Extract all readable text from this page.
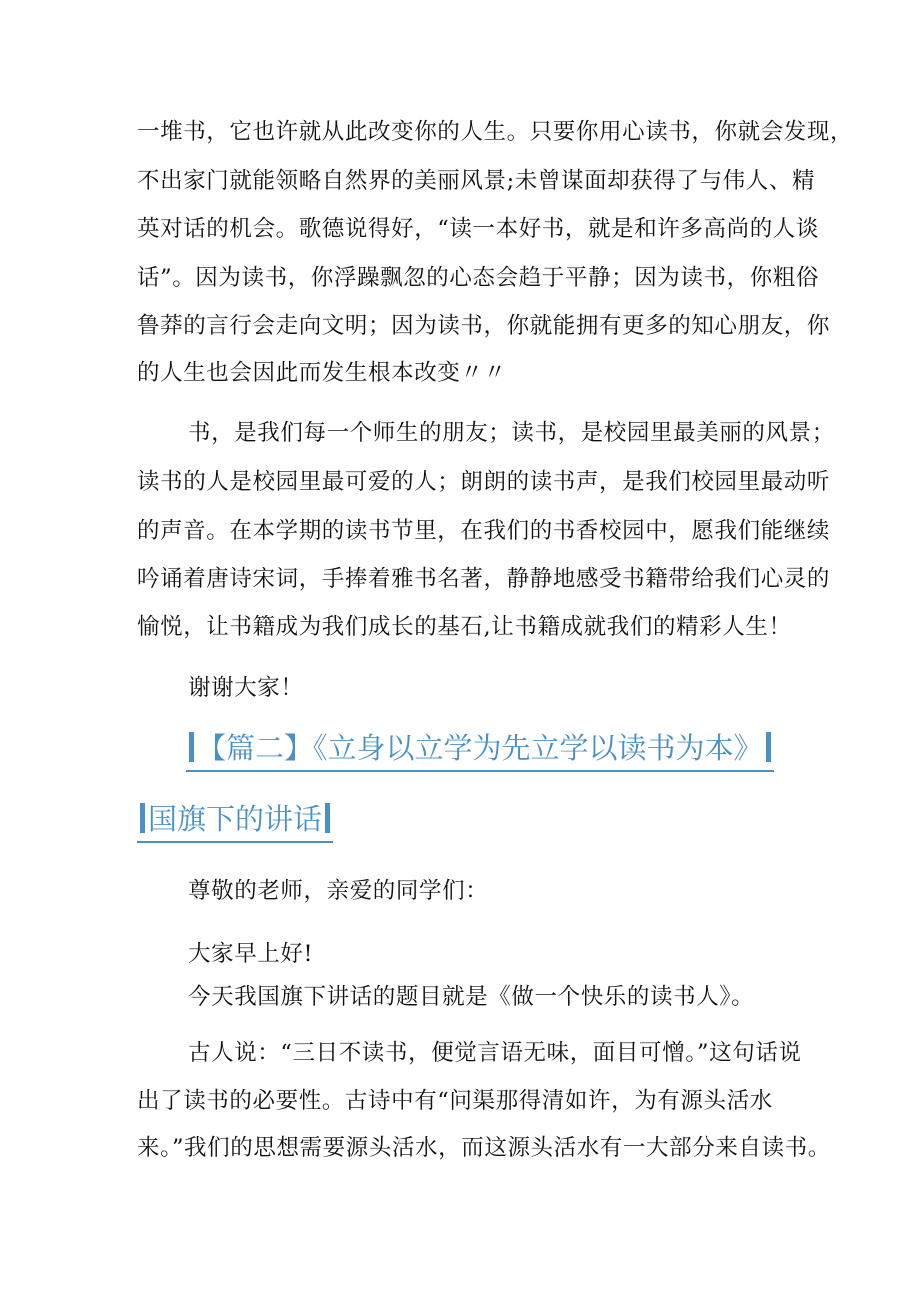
一堆书，它也许就从此改变你的人生。只要你用心读书，你就会发现，
不出家门就能领略自然界的美丽风景;未曾谋面却获得了与伟人、精
英对话的机会。歌德说得好，“读一本好书，就是和许多高尚的人谈
话”。因为读书，你浮躁飘忽的心态会趋于平静；因为读书，你粗俗
鲁莽的言行会走向文明；因为读书，你就能拥有更多的知心朋友，你
的人生也会因此而发生根本改变〃〃
书，是我们每一个师生的朋友；读书，是校园里最美丽的风景；
读书的人是校园里最可爱的人；朗朗的读书声，是我们校园里最动听
的声音。在本学期的读书节里，在我们的书香校园中，愿我们能继续
吟诵着唐诗宋词，手捧着雅书名著，静静地感受书籍带给我们心灵的
愉悦，让书籍成为我们成长的基石,让书籍成就我们的精彩人生！
谢谢大家！
【篇二】《立身以立学为先立学以读书为本》
国旗下的讲话
尊敬的老师，亲爱的同学们：
大家早上好!
今天我国旗下讲话的题目就是《做一个快乐的读书人》。
古人说：“三日不读书，便觉言语无味，面目可憎。”这句话说
出了读书的必要性。古诗中有“问渠那得清如许，为有源头活水
来。”我们的思想需要源头活水，而这源头活水有一大部分来自读书。
